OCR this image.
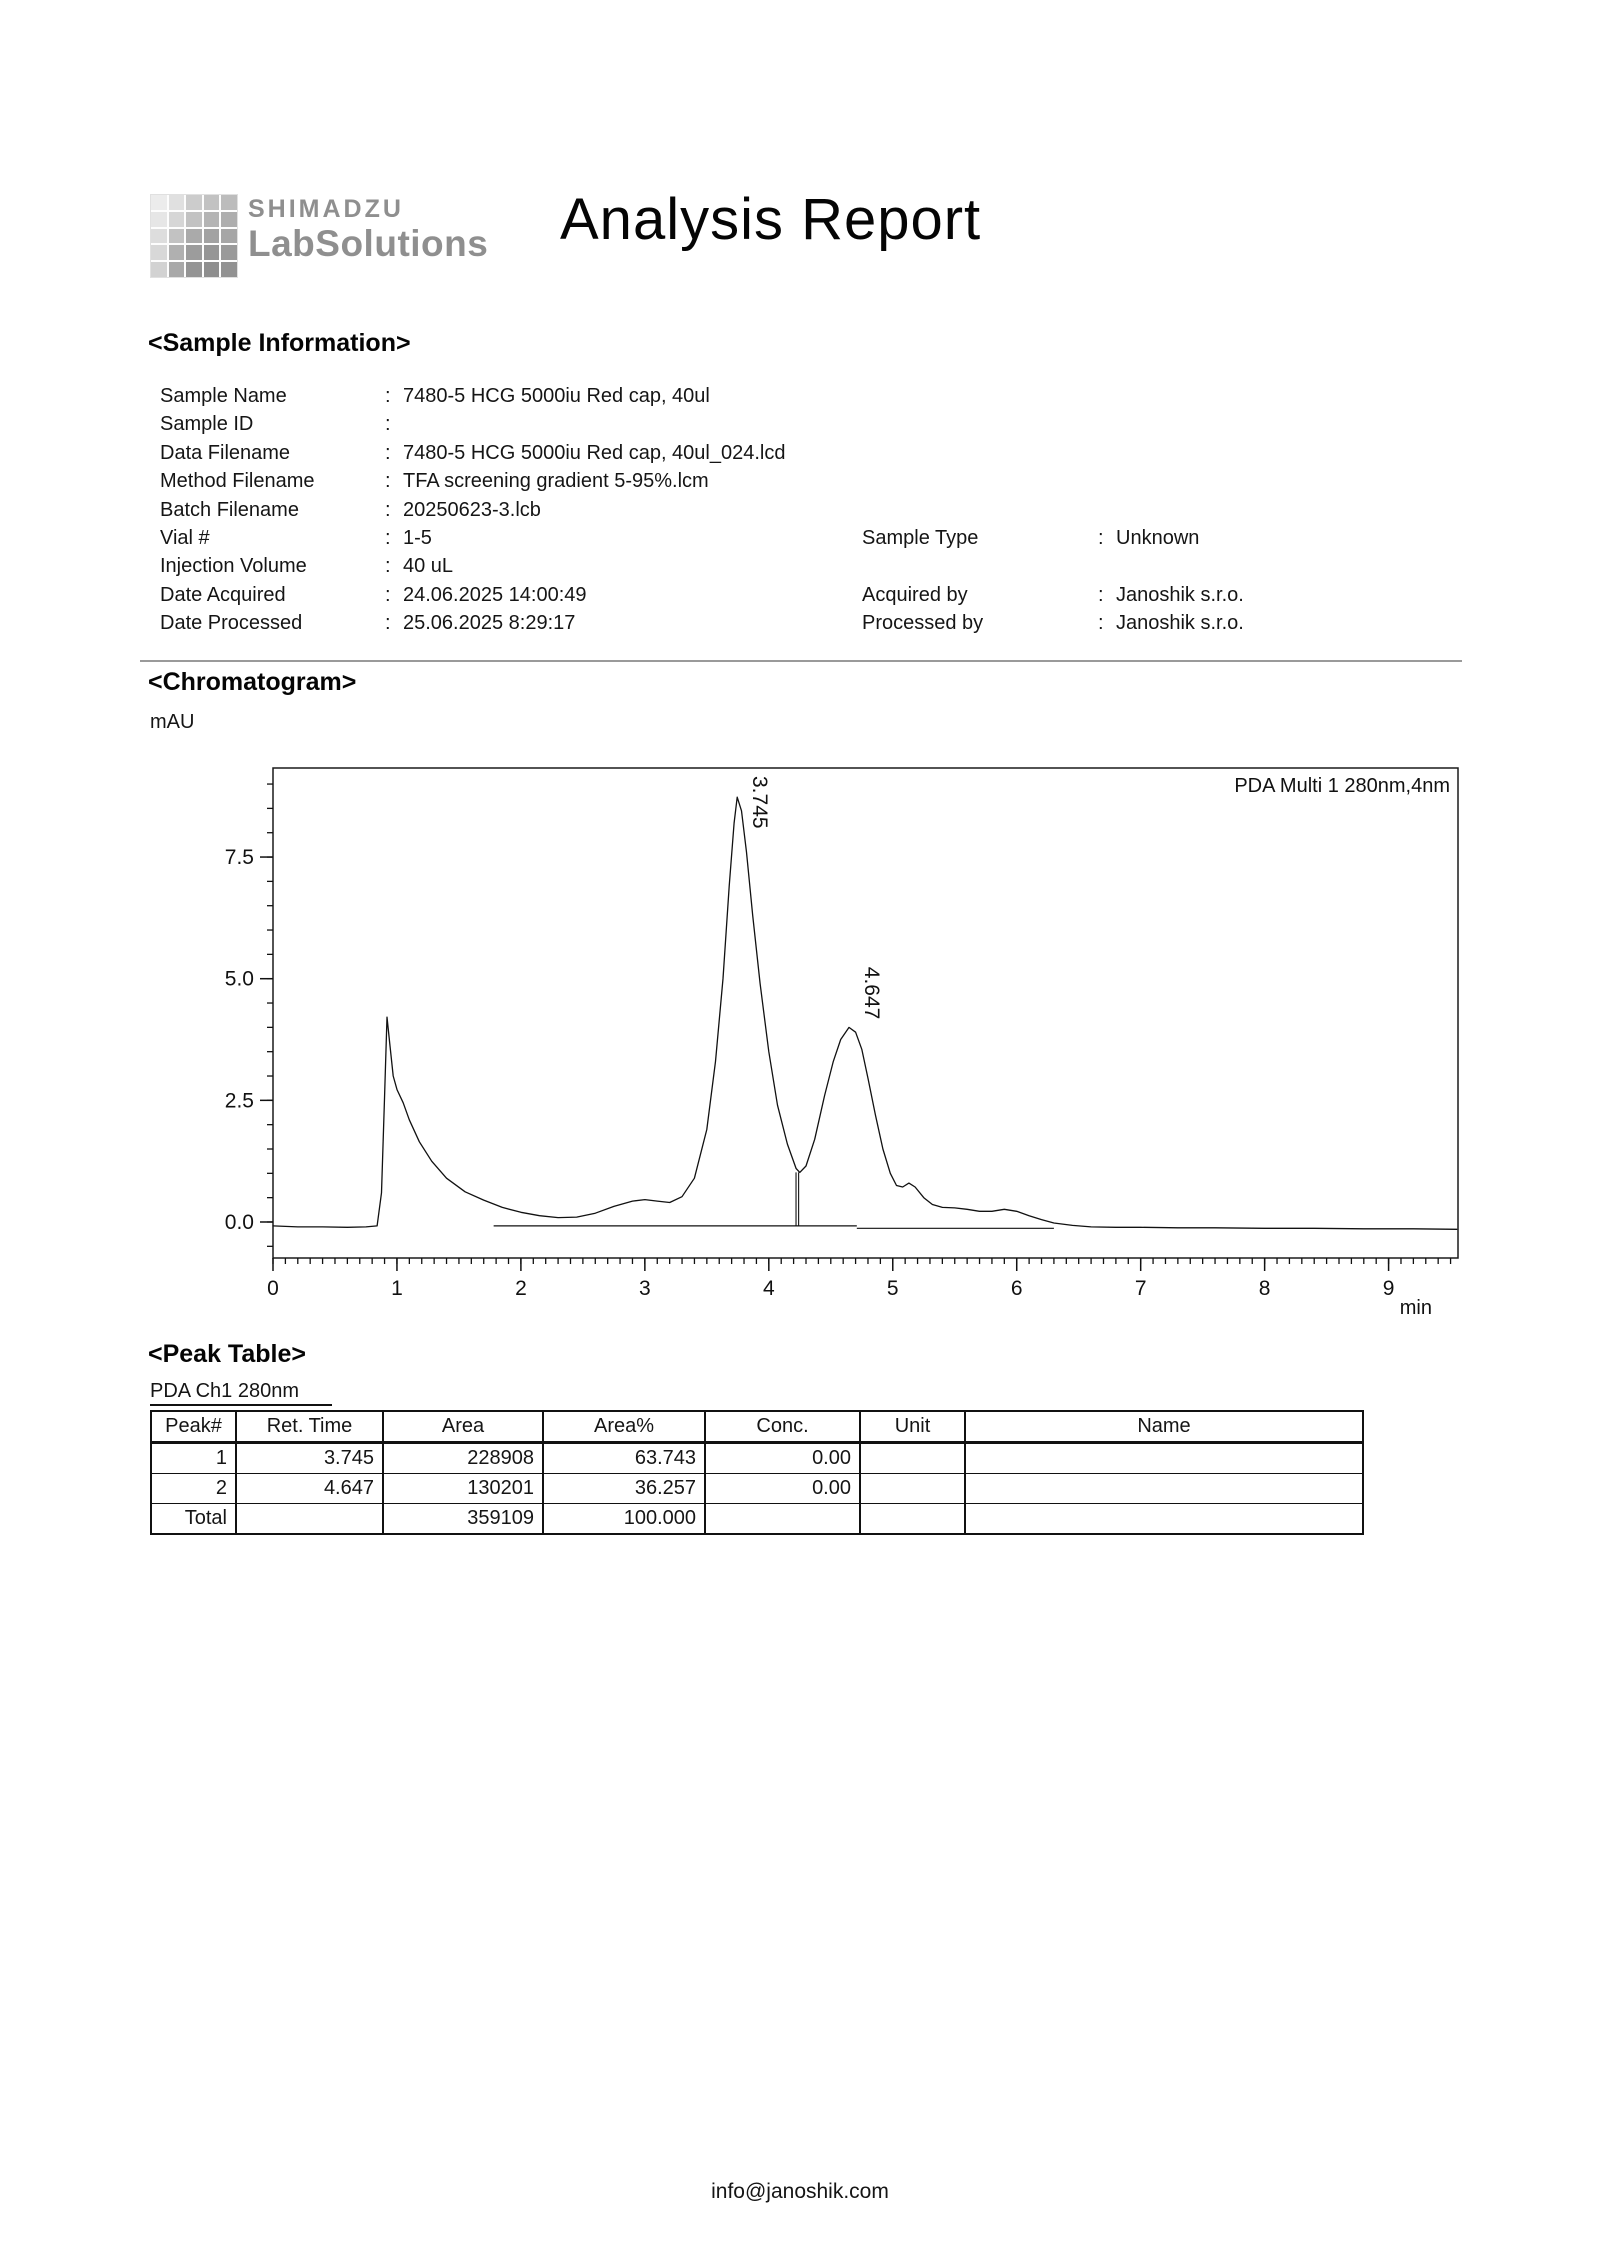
SHIMADZU
LabSolutions Analysis Report
<Sample Information>
Sample Name :	7480-5 HCG 5000iu Red cap, 40ul
Sample ID:
Data Filename :	7480-5 HCG 5000iu Red cap, 40ul_024.lcd
Method Filename :	TFA screening gradient 5-95%.lcm
Batch Filename :	20250623-3.lcb
Vial # :	1-5	Sample Type :	Unknown
Injection Volume :	40 uL
Date Acquired :	24.06.2025 14:00:49	Acquired by :	Janoshik s.r.o.
Date Processed :	25.06.2025 8:29:17	Processed by :	Janoshik s.r.o.
<Chromatogram>
mAU
0	1	2	3	4	5	6	7	8	9
0.0
2.5
5.0
7.5
PDA Multi 1 280nm,4nm
min
3.745
4.647
<Peak Table>
PDA Ch1 280nm
Peak#	Ret. Time	Area	Area%	Conc.	Unit	Name
1	3.745	228908	63.743	0.00		
2	4.647	130201	36.257	0.00		
Total		359109	100.000			
info@janoshik.com
